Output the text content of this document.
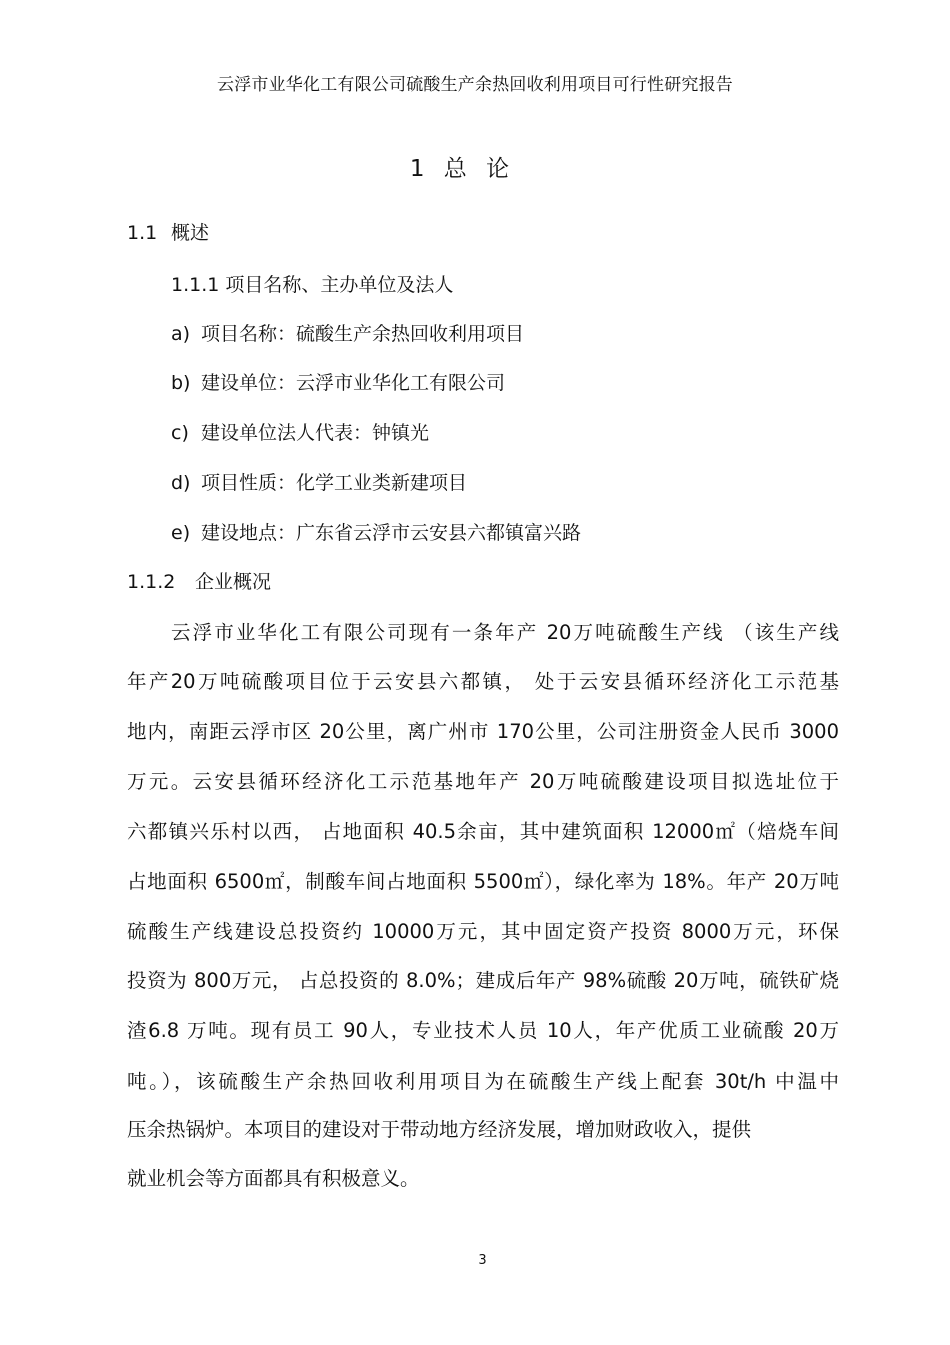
云浮市业华化工有限公司硫酸生产余热回收利用项目可行性研究报告
1 总 论
1.1 概述
1.1.1 项目名称、主办单位及法人
a) 项目名称：硫酸生产余热回收利用项目
b) 建设单位：云浮市业华化工有限公司
c) 建设单位法人代表：钟镇光
d) 项目性质：化学工业类新建项目
e) 建设地点：广东省云浮市云安县六都镇富兴路
1.1.2 企业概况
云浮市业华化工有限公司现有一条年产 20万吨硫酸生产线 （该生产线
年产20万吨硫酸项目位于云安县六都镇， 处于云安县循环经济化工示范基
地内，南距云浮市区 20公里，离广州市 170公里，公司注册资金人民币 3000
万元。云安县循环经济化工示范基地年产 20万吨硫酸建设项目拟选址位于
六都镇兴乐村以西， 占地面积 40.5余亩，其中建筑面积 12000㎡（焙烧车间
占地面积 6500㎡，制酸车间占地面积 5500㎡），绿化率为 18%。年产 20万吨
硫酸生产线建设总投资约 10000万元，其中固定资产投资 8000万元，环保
投资为 800万元， 占总投资的 8.0%；建成后年产 98%硫酸 20万吨，硫铁矿烧
渣6.8 万吨。现有员工 90人，专业技术人员 10人，年产优质工业硫酸 20万
吨。），该硫酸生产余热回收利用项目为在硫酸生产线上配套 30t/h 中温中
压余热锅炉。本项目的建设对于带动地方经济发展，增加财政收入，提供
就业机会等方面都具有积极意义。
3
